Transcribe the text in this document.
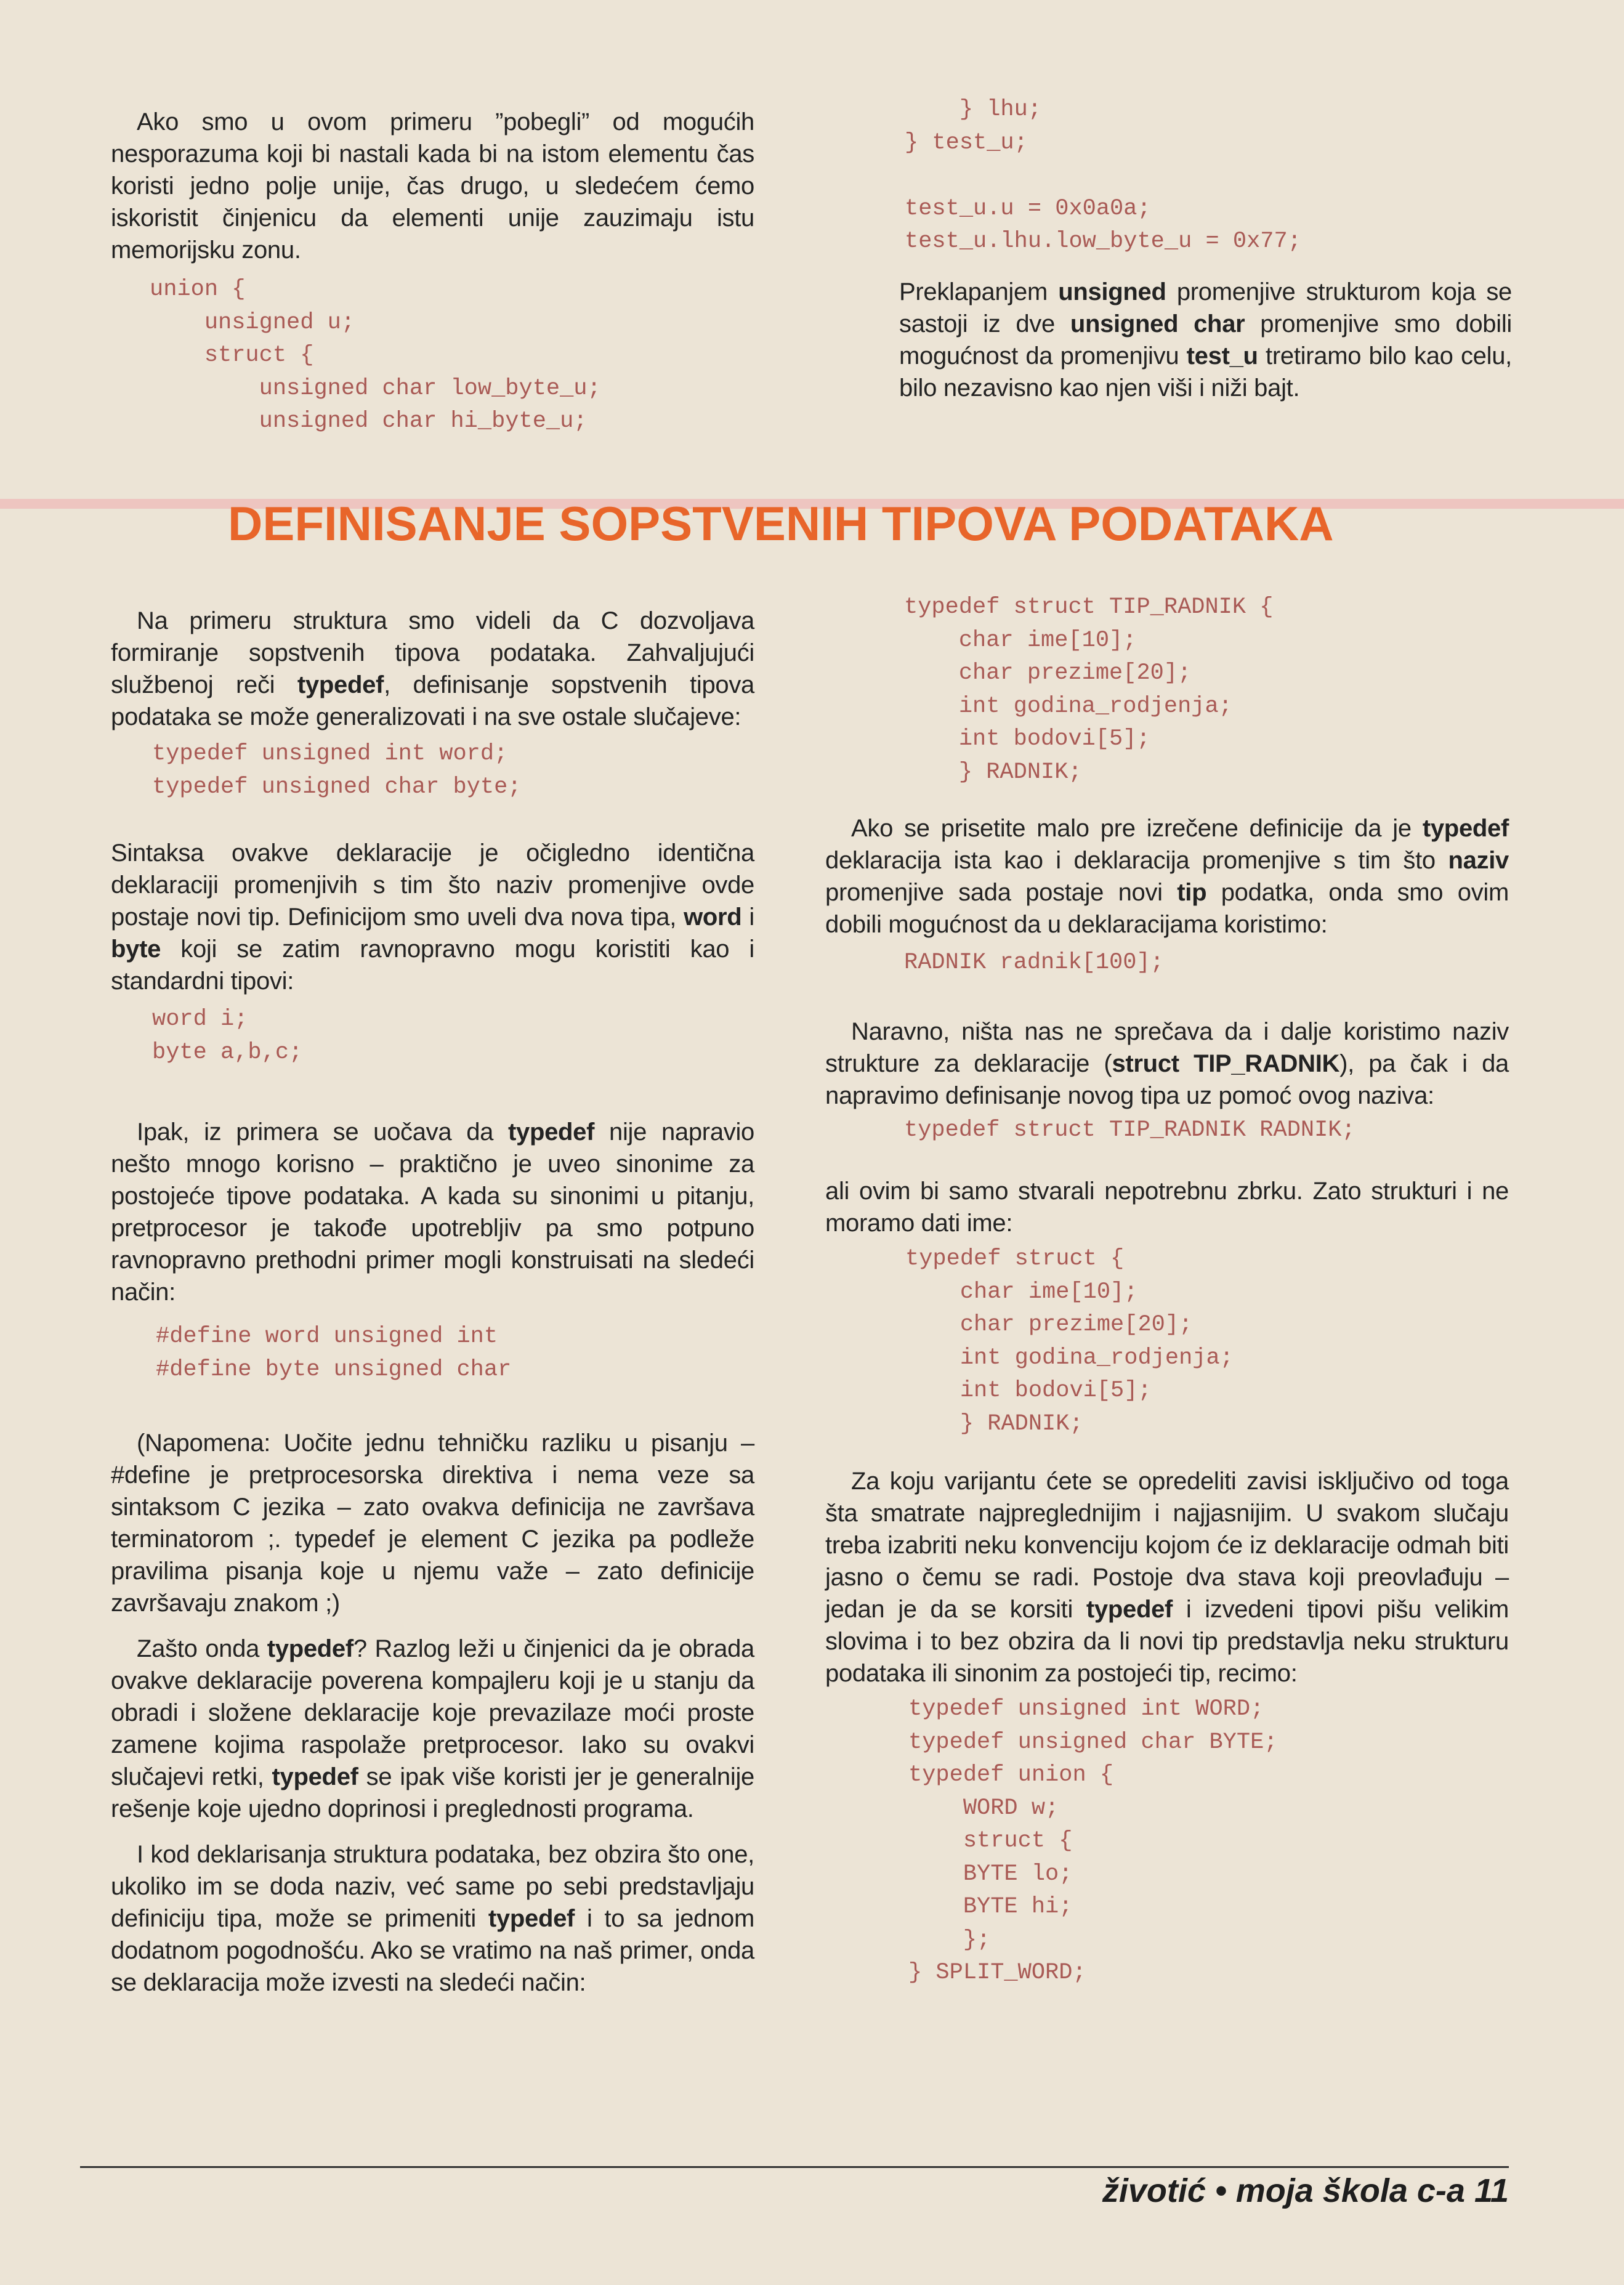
Ako smo u ovom primeru ”pobegli” od mogućih nesporazuma koji bi nastali kada bi na istom elementu čas koristi jedno polje unije, čas drugo, u sledećem ćemo iskoristit činjenicu da elementi unije zauzimaju istu memorijsku zonu.

union {
unsigned u;
struct {
unsigned char low_byte_u;
unsigned char hi_byte_u;
} lhu;
} test_u;

test_u.u = 0x0a0a;
test_u.lhu.low_byte_u = 0x77;

Preklapanjem unsigned promenjive strukturom koja se sastoji iz dve unsigned char promenjive smo dobili mogućnost da promenjivu test_u tretiramo bilo kao celu, bilo nezavisno kao njen viši i niži bajt.

DEFINISANJE SOPSTVENIH TIPOVA PODATAKA

Na primeru struktura smo videli da C dozvoljava formiranje sopstvenih tipova podataka. Zahvaljujući službenoj reči typedef, definisanje sopstvenih tipova podataka se može generalizovati i na sve ostale slučajeve:

typedef unsigned int word;
typedef unsigned char byte;

Sintaksa ovakve deklaracije je očigledno identična deklaraciji promenjivih s tim što naziv promenjive ovde postaje novi tip. Definicijom smo uveli dva nova tipa, word i byte koji se zatim ravnopravno mogu koristiti kao i standardni tipovi:

word i;
byte a,b,c;

Ipak, iz primera se uočava da typedef nije napravio nešto mnogo korisno – praktično je uveo sinonime za postojeće tipove podataka. A kada su sinonimi u pitanju, pretprocesor je takođe upotrebljiv pa smo potpuno ravnopravno prethodni primer mogli konstruisati na sledeći način:

#define word unsigned int
#define byte unsigned char

(Napomena: Uočite jednu tehničku razliku u pisanju – #define je pretprocesorska direktiva i nema veze sa sintaksom C jezika – zato ovakva definicija ne završava terminatorom ;. typedef je element C jezika pa podleže pravilima pisanja koje u njemu važe – zato definicije završavaju znakom ;)

Zašto onda typedef? Razlog leži u činjenici da je obrada ovakve deklaracije poverena kompajleru koji je u stanju da obradi i složene deklaracije koje prevazilaze moći proste zamene kojima raspolaže pretprocesor. Iako su ovakvi slučajevi retki, typedef se ipak više koristi jer je generalnije rešenje koje ujedno doprinosi i preglednosti programa.

I kod deklarisanja struktura podataka, bez obzira što one, ukoliko im se doda naziv, već same po sebi predstavljaju definiciju tipa, može se primeniti typedef i to sa jednom dodatnom pogodnošću. Ako se vratimo na naš primer, onda se deklaracija može izvesti na sledeći način:

typedef struct TIP_RADNIK {
char ime[10];
char prezime[20];
int godina_rodjenja;
int bodovi[5];
} RADNIK;

Ako se prisetite malo pre izrečene definicije da je typedef deklaracija ista kao i deklaracija promenjive s tim što naziv promenjive sada postaje novi tip podatka, onda smo ovim dobili mogućnost da u deklaracijama koristimo:

RADNIK radnik[100];

Naravno, ništa nas ne sprečava da i dalje koristimo naziv strukture za deklaracije (struct TIP_RADNIK), pa čak i da napravimo definisanje novog tipa uz pomoć ovog naziva:

typedef struct TIP_RADNIK RADNIK;

ali ovim bi samo stvarali nepotrebnu zbrku. Zato strukturi i ne moramo dati ime:

typedef struct {
char ime[10];
char prezime[20];
int godina_rodjenja;
int bodovi[5];
} RADNIK;

Za koju varijantu ćete se opredeliti zavisi isključivo od toga šta smatrate najpreglednijim i najjasnijim. U svakom slučaju treba izabriti neku konvenciju kojom će iz deklaracije odmah biti jasno o čemu se radi. Postoje dva stava koji preovlađuju – jedan je da se korsiti typedef i izvedeni tipovi pišu velikim slovima i to bez obzira da li novi tip predstavlja neku strukturu podataka ili sinonim za postojeći tip, recimo:

typedef unsigned int WORD;
typedef unsigned char BYTE;
typedef union {
WORD w;
struct {
BYTE lo;
BYTE hi;
};
} SPLIT_WORD;
životić • moja škola c-a 11
